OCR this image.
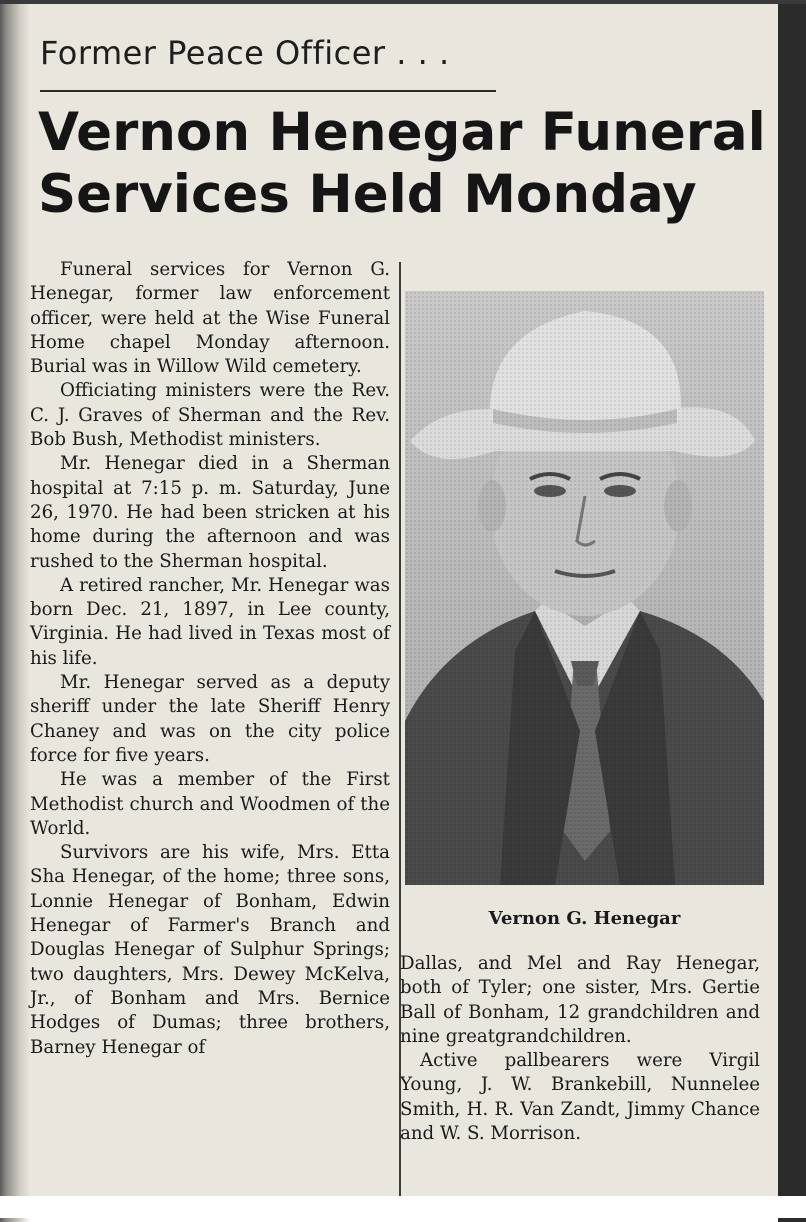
Former Peace Officer . . .
Vernon Henegar Funeral
Services Held Monday

Funeral services for Vernon G. Henegar, former law enforcement officer, were held at the Wise Funeral Home chapel Monday afternoon. Burial was in Willow Wild cemetery.

Officiating ministers were the Rev. C. J. Graves of Sherman and the Rev. Bob Bush, Methodist ministers.

Mr. Henegar died in a Sherman hospital at 7:15 p. m. Saturday, June 26, 1970. He had been stricken at his home during the afternoon and was rushed to the Sherman hospital.

A retired rancher, Mr. Henegar was born Dec. 21, 1897, in Lee county, Virginia. He had lived in Texas most of his life.

Mr. Henegar served as a deputy sheriff under the late Sheriff Henry Chaney and was on the city police force for five years.

He was a member of the First Methodist church and Woodmen of the World.

Survivors are his wife, Mrs. Etta Sha Henegar, of the home; three sons, Lonnie Henegar of Bonham, Edwin Henegar of Farmer's Branch and Douglas Henegar of Sulphur Springs; two daughters, Mrs. Dewey McKelva, Jr., of Bonham and Mrs. Bernice Hodges of Dumas; three brothers, Barney Henegar of

Vernon G. Henegar

Dallas, and Mel and Ray Henegar, both of Tyler; one sister, Mrs. Gertie Ball of Bonham, 12 grandchildren and nine greatgrandchildren.

Active pallbearers were Virgil Young, J. W. Brankebill, Nunnelee Smith, H. R. Van Zandt, Jimmy Chance and W. S. Morrison.
